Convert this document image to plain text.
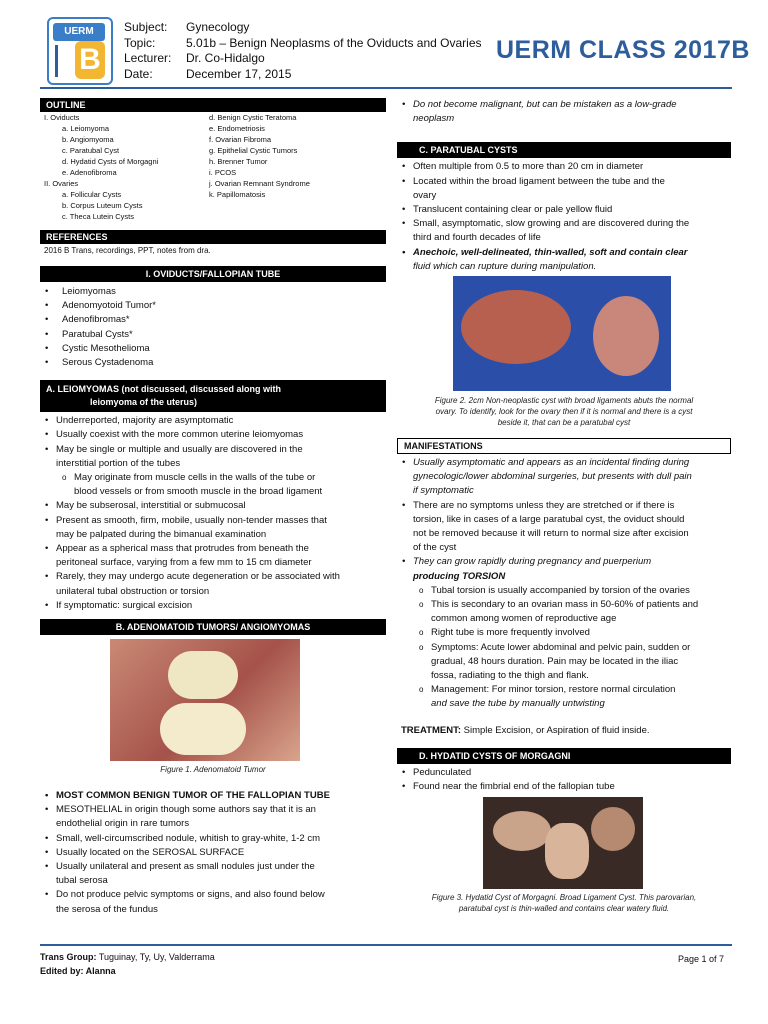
UERM
B
Subject:	Gynecology
Topic:	5.01b – Benign Neoplasms of the Oviducts and Ovaries
Lecturer:	Dr. Co-Hidalgo
Date:	December 17, 2015
UERM CLASS 2017B
OUTLINE
I. Oviducts
a. Leiomyoma
b. Angiomyoma
c. Paratubal Cyst
d. Hydatid Cysts of Morgagni
e. Adenofibroma
II. Ovaries
a. Follicular Cysts
b. Corpus Luteum Cysts
c. Theca Lutein Cysts
d. Benign Cystic Teratoma
e. Endometriosis
f. Ovarian Fibroma
g. Epithelial Cystic Tumors
h. Brenner Tumor
i. PCOS
j. Ovarian Remnant Syndrome
k. Papillomatosis
REFERENCES
2016 B Trans, recordings, PPT, notes from dra.
I. OVIDUCTS/FALLOPIAN TUBE
• Leiomyomas
• Adenomyotoid Tumor*
• Adenofibromas*
• Paratubal Cysts*
• Cystic Mesothelioma
• Serous Cystadenoma
A. LEIOMYOMAS (not discussed, discussed along with
leiomyoma of the uterus)
• Underreported, majority are asymptomatic
• Usually coexist with the more common uterine leiomyomas
• May be single or multiple and usually are discovered in the
interstitial portion of the tubes
o May originate from muscle cells in the walls of the tube or
blood vessels or from smooth muscle in the broad ligament
• May be subserosal, interstitial or submucosal
• Present as smooth, firm, mobile, usually non-tender masses that
may be palpated during the bimanual examination
• Appear as a spherical mass that protrudes from beneath the
peritoneal surface, varying from a few mm to 15 cm diameter
• Rarely, they may undergo acute degeneration or be associated with
unilateral tubal obstruction or torsion
• If symptomatic: surgical excision
B. ADENOMATOID TUMORS/ ANGIOMYOMAS
Figure 1. Adenomatoid Tumor
• MOST COMMON BENIGN TUMOR OF THE FALLOPIAN TUBE
• MESOTHELIAL in origin though some authors say that it is an
endothelial origin in rare tumors
• Small, well-circumscribed nodule, whitish to gray-white, 1-2 cm
• Usually located on the SEROSAL SURFACE
• Usually unilateral and present as small nodules just under the
tubal serosa
• Do not produce pelvic symptoms or signs, and also found below
the serosa of the fundus
• Do not become malignant, but can be mistaken as a low-grade
neoplasm
C. PARATUBAL CYSTS
• Often multiple from 0.5 to more than 20 cm in diameter
• Located within the broad ligament between the tube and the
ovary
• Translucent containing clear or pale yellow fluid
• Small, asymptomatic, slow growing and are discovered during the
third and fourth decades of life
• Anechoic, well-delineated, thin-walled, soft and contain clear
fluid which can rupture during manipulation.
Figure 2. 2cm Non-neoplastic cyst with broad ligaments abuts the normal
ovary. To identify, look for the ovary then if it is normal and there is a cyst
beside it, that can be a paratubal cyst
MANIFESTATIONS
• Usually asymptomatic and appears as an incidental finding during
gynecologic/lower abdominal surgeries, but presents with dull pain
if symptomatic
• There are no symptoms unless they are stretched or if there is
torsion, like in cases of a large paratubal cyst, the oviduct should
not be removed because it will return to normal size after excision
of the cyst
• They can grow rapidly during pregnancy and puerperium
producing TORSION
o Tubal torsion is usually accompanied by torsion of the ovaries
o This is secondary to an ovarian mass in 50-60% of patients and
common among women of reproductive age
o Right tube is more frequently involved
o Symptoms: Acute lower abdominal and pelvic pain, sudden or
gradual, 48 hours duration. Pain may be located in the iliac
fossa, radiating to the thigh and flank.
o Management: For minor torsion, restore normal circulation
and save the tube by manually untwisting
TREATMENT: Simple Excision, or Aspiration of fluid inside.
D. HYDATID CYSTS OF MORGAGNI
• Pedunculated
• Found near the fimbrial end of the fallopian tube
Figure 3. Hydatid Cyst of Morgagni. Broad Ligament Cyst. This parovarian,
paratubal cyst is thin-walled and contains clear watery fluid.
Trans Group: Tuguinay, Ty, Uy, Valderrama
Edited by: Alanna
Page 1 of 7
